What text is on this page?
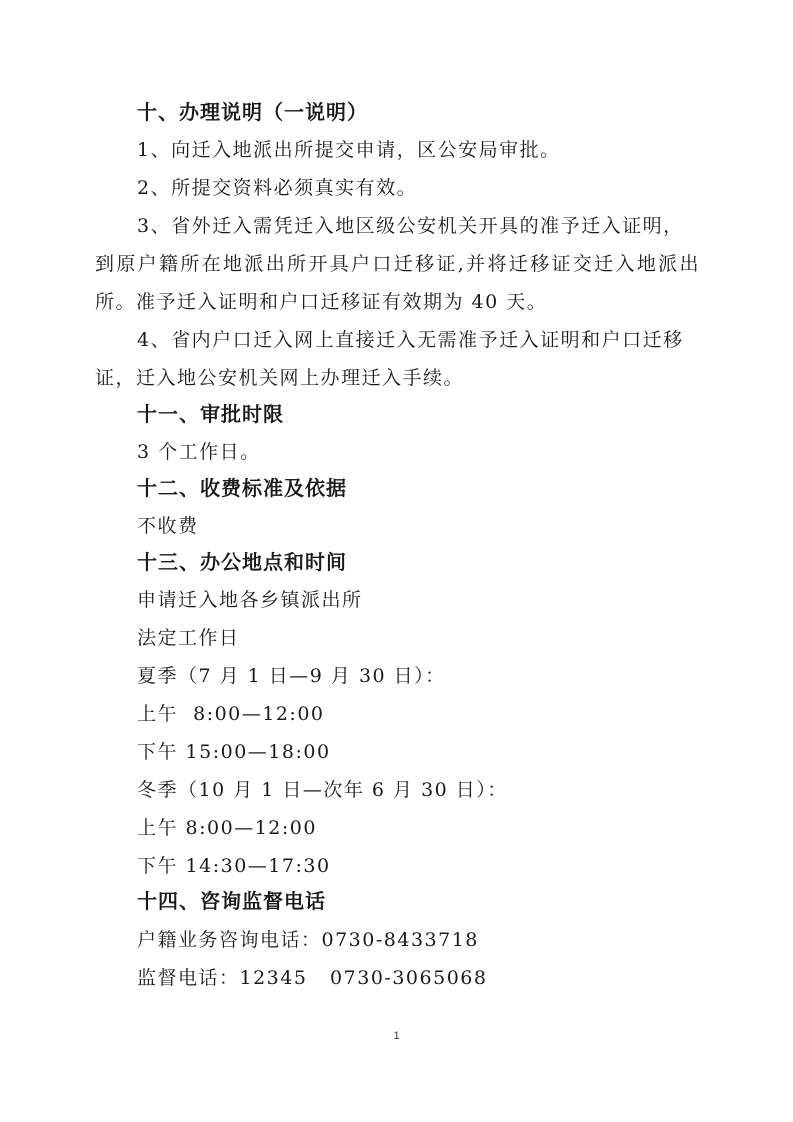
十、办理说明（一说明）
1、向迁入地派出所提交申请，区公安局审批。
2、所提交资料必须真实有效。
3、省外迁入需凭迁入地区级公安机关开具的准予迁入证明，
到原户籍所在地派出所开具户口迁移证,并将迁移证交迁入地派出
所。准予迁入证明和户口迁移证有效期为 40 天。
4、省内户口迁入网上直接迁入无需准予迁入证明和户口迁移
证，迁入地公安机关网上办理迁入手续。
十一、审批时限
3 个工作日。
十二、收费标准及依据
不收费
十三、办公地点和时间
申请迁入地各乡镇派出所
法定工作日
夏季（7 月 1 日—9 月 30 日）：
上午  8:00—12:00
下午 15:00—18:00
冬季（10 月 1 日—次年 6 月 30 日）：
上午 8:00—12:00
下午 14:30—17:30
十四、咨询监督电话
户籍业务咨询电话：0730-8433718
监督电话：12345   0730-3065068
1
